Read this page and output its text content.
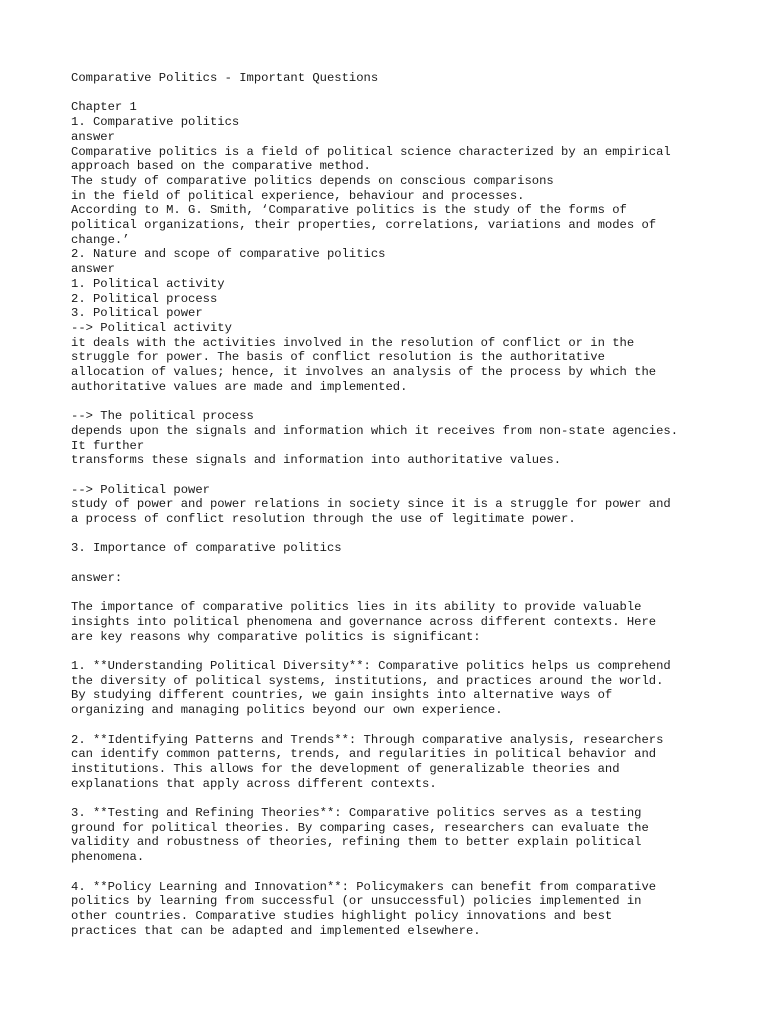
Comparative Politics - Important Questions
Chapter 1
1. Comparative politics
answer
Comparative politics is a field of political science characterized by an empirical
approach based on the comparative method.
The study of comparative politics depends on conscious comparisons
in the field of political experience, behaviour and processes.
According to M. G. Smith, ‘Comparative politics is the study of the forms of
political organizations, their properties, correlations, variations and modes of
change.’
2. Nature and scope of comparative politics
answer
1. Political activity
2. Political process
3. Political power
--> Political activity
it deals with the activities involved in the resolution of conflict or in the
struggle for power. The basis of conflict resolution is the authoritative
allocation of values; hence, it involves an analysis of the process by which the
authoritative values are made and implemented.
--> The political process
depends upon the signals and information which it receives from non-state agencies.
It further
transforms these signals and information into authoritative values.
--> Political power
study of power and power relations in society since it is a struggle for power and
a process of conflict resolution through the use of legitimate power.
3. Importance of comparative politics
answer:
The importance of comparative politics lies in its ability to provide valuable
insights into political phenomena and governance across different contexts. Here
are key reasons why comparative politics is significant:
1. **Understanding Political Diversity**: Comparative politics helps us comprehend
the diversity of political systems, institutions, and practices around the world.
By studying different countries, we gain insights into alternative ways of
organizing and managing politics beyond our own experience.
2. **Identifying Patterns and Trends**: Through comparative analysis, researchers
can identify common patterns, trends, and regularities in political behavior and
institutions. This allows for the development of generalizable theories and
explanations that apply across different contexts.
3. **Testing and Refining Theories**: Comparative politics serves as a testing
ground for political theories. By comparing cases, researchers can evaluate the
validity and robustness of theories, refining them to better explain political
phenomena.
4. **Policy Learning and Innovation**: Policymakers can benefit from comparative
politics by learning from successful (or unsuccessful) policies implemented in
other countries. Comparative studies highlight policy innovations and best
practices that can be adapted and implemented elsewhere.
